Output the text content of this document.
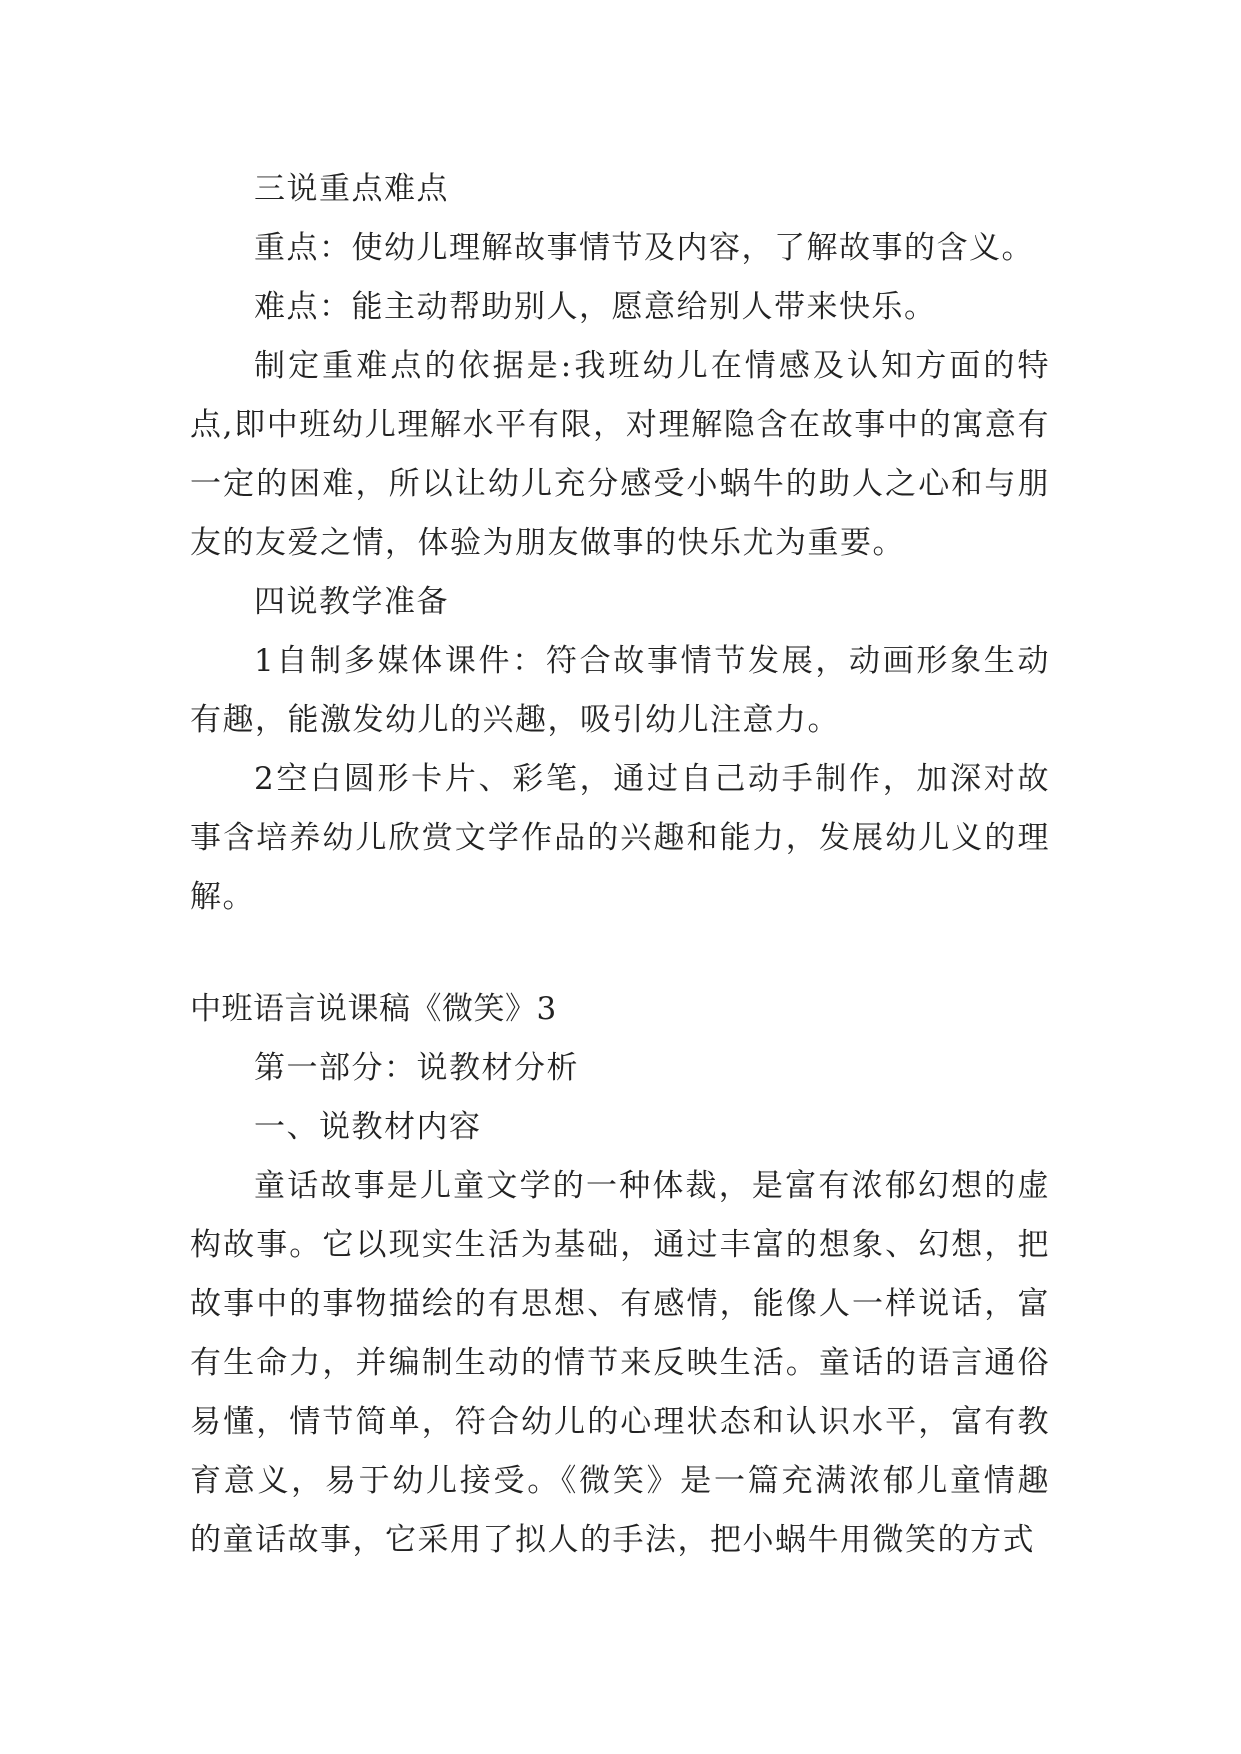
三说重点难点

重点：使幼儿理解故事情节及内容，了解故事的含义。

难点：能主动帮助别人，愿意给别人带来快乐。

制定重难点的依据是:我班幼儿在情感及认知方面的特点,即中班幼儿理解水平有限，对理解隐含在故事中的寓意有一定的困难，所以让幼儿充分感受小蜗牛的助人之心和与朋友的友爱之情，体验为朋友做事的快乐尤为重要。

四说教学准备

1自制多媒体课件：符合故事情节发展，动画形象生动有趣，能激发幼儿的兴趣，吸引幼儿注意力。

2空白圆形卡片、彩笔，通过自己动手制作，加深对故事含培养幼儿欣赏文学作品的兴趣和能力，发展幼儿义的理解。

中班语言说课稿《微笑》3

第一部分：说教材分析

一、说教材内容

童话故事是儿童文学的一种体裁，是富有浓郁幻想的虚构故事。它以现实生活为基础，通过丰富的想象、幻想，把故事中的事物描绘的有思想、有感情，能像人一样说话，富有生命力，并编制生动的情节来反映生活。童话的语言通俗易懂，情节简单，符合幼儿的心理状态和认识水平，富有教育意义，易于幼儿接受。《微笑》是一篇充满浓郁儿童情趣的童话故事，它采用了拟人的手法，把小蜗牛用微笑的方式
